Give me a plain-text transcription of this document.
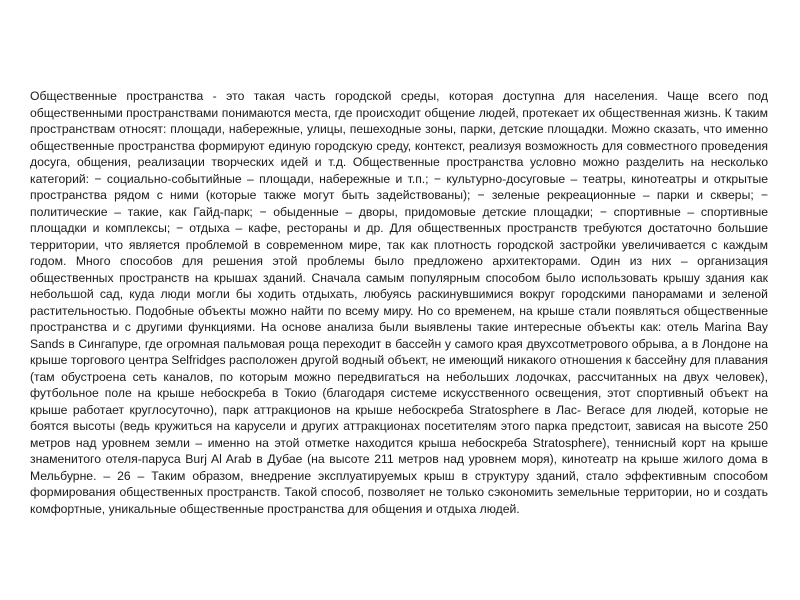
Общественные пространства - это такая часть городской среды, которая доступна для населения. Чаще всего под общественными пространствами понимаются места, где происходит общение людей, протекает их общественная жизнь. К таким пространствам относят: площади, набережные, улицы, пешеходные зоны, парки, детские площадки. Можно сказать, что именно общественные пространства формируют единую городскую среду, контекст, реализуя возможность для совместного проведения досуга, общения, реализации творческих идей и т.д. Общественные пространства условно можно разделить на несколько категорий: − социально-событийные – площади, набережные и т.п.; − культурно-досуговые – театры, кинотеатры и открытые пространства рядом с ними (которые также могут быть задействованы); − зеленые рекреационные – парки и скверы; − политические – такие, как Гайд-парк; − обыденные – дворы, придомовые детские площадки; − спортивные – спортивные площадки и комплексы; − отдыха – кафе, рестораны и др. Для общественных пространств требуются достаточно большие территории, что является проблемой в современном мире, так как плотность городской застройки увеличивается с каждым годом. Много способов для решения этой проблемы было предложено архитекторами. Один из них – организация общественных пространств на крышах зданий. Сначала самым популярным способом было использовать крышу здания как небольшой сад, куда люди могли бы ходить отдыхать, любуясь раскинувшимися вокруг городскими панорамами и зеленой растительностью. Подобные объекты можно найти по всему миру. Но со временем, на крыше стали появляться общественные пространства и с другими функциями. На основе анализа были выявлены такие интересные объекты как: отель Marina Bay Sands в Сингапуре, где огромная пальмовая роща переходит в бассейн у самого края двухсотметрового обрыва, а в Лондоне на крыше торгового центра Selfridges расположен другой водный объект, не имеющий никакого отношения к бассейну для плавания (там обустроена сеть каналов, по которым можно передвигаться на небольших лодочках, рассчитанных на двух человек), футбольное поле на крыше небоскреба в Токио (благодаря системе искусственного освещения, этот спортивный объект на крыше работает круглосуточно), парк аттракционов на крыше небоскреба Stratosphere в Лас- Вегасе для людей, которые не боятся высоты (ведь кружиться на карусели и других аттракционах посетителям этого парка предстоит, зависая на высоте 250 метров над уровнем земли – именно на этой отметке находится крыша небоскреба Stratosphere), теннисный корт на крыше знаменитого отеля-паруса Burj Al Arab в Дубае (на высоте 211 метров над уровнем моря), кинотеатр на крыше жилого дома в Мельбурне. – 26 – Таким образом, внедрение эксплуатируемых крыш в структуру зданий, стало эффективным способом формирования общественных пространств. Такой способ, позволяет не только сэкономить земельные территории, но и создать комфортные, уникальные общественные пространства для общения и отдыха людей.
